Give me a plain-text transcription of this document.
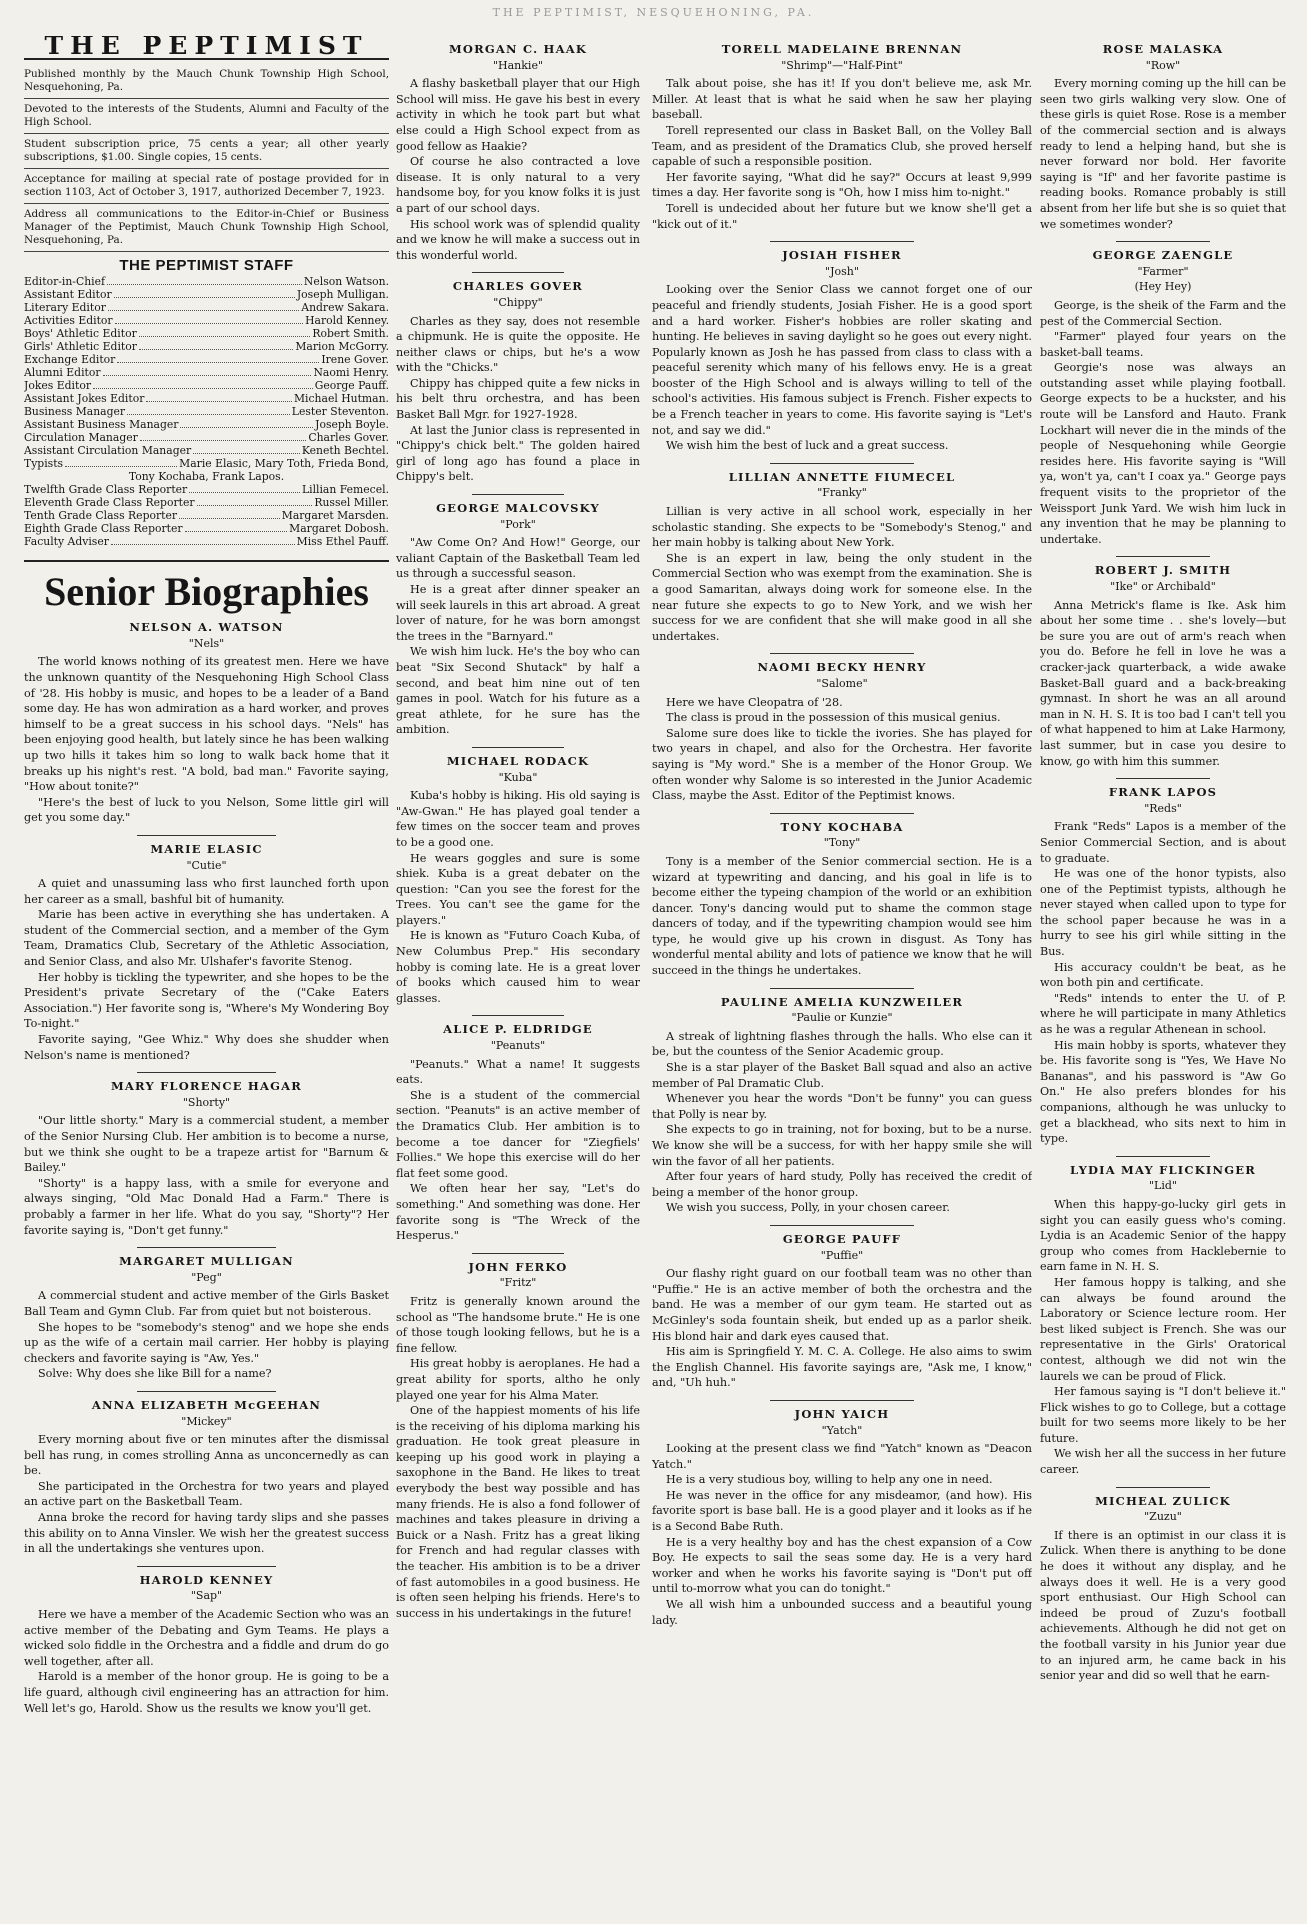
THE PEPTIMIST, NESQUEHONING, PA.
THE PEPTIMIST

Published monthly by the Mauch Chunk Township High School, Nesquehoning, Pa.

Devoted to the interests of the Students, Alumni and Faculty of the High School.

Student subscription price, 75 cents a year; all other yearly subscriptions, $1.00. Single copies, 15 cents.

Acceptance for mailing at special rate of postage provided for in section 1103, Act of October 3, 1917, authorized December 7, 1923.

Address all communications to the Editor-in-Chief or Business Manager of the Peptimist, Mauch Chunk Township High School, Nesquehoning, Pa.

THE PEPTIMIST STAFF
Editor-in-Chief	Nelson Watson.
Assistant Editor	Joseph Mulligan.
Literary Editor	Andrew Sakara.
Activities Editor	Harold Kenney.
Boys' Athletic Editor	Robert Smith.
Girls' Athletic Editor	Marion McGorry.
Exchange Editor	Irene Gover.
Alumni Editor	Naomi Henry.
Jokes Editor	George Pauff.
Assistant Jokes Editor	Michael Hutman.
Business Manager	Lester Steventon.
Assistant Business Manager	Joseph Boyle.
Circulation Manager	Charles Gover.
Assistant Circulation Manager	Keneth Bechtel.
Typists	Marie Elasic, Mary Toth, Frieda Bond,
Tony Kochaba, Frank Lapos.
Twelfth Grade Class Reporter	Lillian Femecel.
Eleventh Grade Class Reporter	Russel Miller.
Tenth Grade Class Reporter	Margaret Marsden.
Eighth Grade Class Reporter	Margaret Dobosh.
Faculty Adviser	Miss Ethel Pauff.
Senior Biographies
NELSON A. WATSON
"Nels"

The world knows nothing of its greatest men. Here we have the unknown quantity of the Nesquehoning High School Class of '28. His hobby is music, and hopes to be a leader of a Band some day. He has won admiration as a hard worker, and proves himself to be a great success in his school days. "Nels" has been enjoying good health, but lately since he has been walking up two hills it takes him so long to walk back home that it breaks up his night's rest. "A bold, bad man." Favorite saying, "How about tonite?"

"Here's the best of luck to you Nelson, Some little girl will get you some day."

MARIE ELASIC
"Cutie"

A quiet and unassuming lass who first launched forth upon her career as a small, bashful bit of humanity.

Marie has been active in everything she has undertaken. A student of the Commercial section, and a member of the Gym Team, Dramatics Club, Secretary of the Athletic Association, and Senior Class, and also Mr. Ulshafer's favorite Stenog.

Her hobby is tickling the typewriter, and she hopes to be the President's private Secretary of the ("Cake Eaters Association.") Her favorite song is, "Where's My Wondering Boy To-night."

Favorite saying, "Gee Whiz." Why does she shudder when Nelson's name is mentioned?

MARY FLORENCE HAGAR
"Shorty"

"Our little shorty." Mary is a commercial student, a member of the Senior Nursing Club. Her ambition is to become a nurse, but we think she ought to be a trapeze artist for "Barnum & Bailey."

"Shorty" is a happy lass, with a smile for everyone and always singing, "Old Mac Donald Had a Farm." There is probably a farmer in her life. What do you say, "Shorty"? Her favorite saying is, "Don't get funny."

MARGARET MULLIGAN
"Peg"

A commercial student and active member of the Girls Basket Ball Team and Gymn Club. Far from quiet but not boisterous.

She hopes to be "somebody's stenog" and we hope she ends up as the wife of a certain mail carrier. Her hobby is playing checkers and favorite saying is "Aw, Yes."

Solve: Why does she like Bill for a name?

ANNA ELIZABETH McGEEHAN
"Mickey"

Every morning about five or ten minutes after the dismissal bell has rung, in comes strolling Anna as unconcernedly as can be.

She participated in the Orchestra for two years and played an active part on the Basketball Team.

Anna broke the record for having tardy slips and she passes this ability on to Anna Vinsler. We wish her the greatest success in all the undertakings she ventures upon.

HAROLD KENNEY
"Sap"

Here we have a member of the Academic Section who was an active member of the Debating and Gym Teams. He plays a wicked solo fiddle in the Orchestra and a fiddle and drum do go well together, after all.

Harold is a member of the honor group. He is going to be a life guard, although civil engineering has an attraction for him. Well let's go, Harold. Show us the results we know you'll get.

MORGAN C. HAAK
"Hankie"

A flashy basketball player that our High School will miss. He gave his best in every activity in which he took part but what else could a High School expect from as good fellow as Haakie?

Of course he also contracted a love disease. It is only natural to a very handsome boy, for you know folks it is just a part of our school days.

His school work was of splendid quality and we know he will make a success out in this wonderful world.

CHARLES GOVER
"Chippy"

Charles as they say, does not resemble a chipmunk. He is quite the opposite. He neither claws or chips, but he's a wow with the "Chicks."

Chippy has chipped quite a few nicks in his belt thru orchestra, and has been Basket Ball Mgr. for 1927-1928.

At last the Junior class is represented in "Chippy's chick belt." The golden haired girl of long ago has found a place in Chippy's belt.

GEORGE MALCOVSKY
"Pork"

"Aw Come On? And How!" George, our valiant Captain of the Basketball Team led us through a successful season.

He is a great after dinner speaker an will seek laurels in this art abroad. A great lover of nature, for he was born amongst the trees in the "Barnyard."

We wish him luck. He's the boy who can beat "Six Second Shutack" by half a second, and beat him nine out of ten games in pool. Watch for his future as a great athlete, for he sure has the ambition.

MICHAEL RODACK
"Kuba"

Kuba's hobby is hiking. His old saying is "Aw-Gwan." He has played goal tender a few times on the soccer team and proves to be a good one.

He wears goggles and sure is some shiek. Kuba is a great debater on the question: "Can you see the forest for the Trees. You can't see the game for the players."

He is known as "Futuro Coach Kuba, of New Columbus Prep." His secondary hobby is coming late. He is a great lover of books which caused him to wear glasses.

ALICE P. ELDRIDGE
"Peanuts"

"Peanuts." What a name! It suggests eats.

She is a student of the commercial section. "Peanuts" is an active member of the Dramatics Club. Her ambition is to become a toe dancer for "Ziegfiels' Follies." We hope this exercise will do her flat feet some good.

We often hear her say, "Let's do something." And something was done. Her favorite song is "The Wreck of the Hesperus."

JOHN FERKO
"Fritz"

Fritz is generally known around the school as "The handsome brute." He is one of those tough looking fellows, but he is a fine fellow.

His great hobby is aeroplanes. He had a great ability for sports, altho he only played one year for his Alma Mater.

One of the happiest moments of his life is the receiving of his diploma marking his graduation. He took great pleasure in keeping up his good work in playing a saxophone in the Band. He likes to treat everybody the best way possible and has many friends. He is also a fond follower of machines and takes pleasure in driving a Buick or a Nash. Fritz has a great liking for French and had regular classes with the teacher. His ambition is to be a driver of fast automobiles in a good business. He is often seen helping his friends. Here's to success in his undertakings in the future!

TORELL MADELAINE BRENNAN
"Shrimp"—"Half-Pint"

Talk about poise, she has it! If you don't believe me, ask Mr. Miller. At least that is what he said when he saw her playing baseball.

Torell represented our class in Basket Ball, on the Volley Ball Team, and as president of the Dramatics Club, she proved herself capable of such a responsible position.

Her favorite saying, "What did he say?" Occurs at least 9,999 times a day. Her favorite song is "Oh, how I miss him to-night."

Torell is undecided about her future but we know she'll get a "kick out of it."

JOSIAH FISHER
"Josh"

Looking over the Senior Class we cannot forget one of our peaceful and friendly students, Josiah Fisher. He is a good sport and a hard worker. Fisher's hobbies are roller skating and hunting. He believes in saving daylight so he goes out every night. Popularly known as Josh he has passed from class to class with a peaceful serenity which many of his fellows envy. He is a great booster of the High School and is always willing to tell of the school's activities. His famous subject is French. Fisher expects to be a French teacher in years to come. His favorite saying is "Let's not, and say we did."

We wish him the best of luck and a great success.

LILLIAN ANNETTE FIUMECEL
"Franky"

Lillian is very active in all school work, especially in her scholastic standing. She expects to be "Somebody's Stenog," and her main hobby is talking about New York.

She is an expert in law, being the only student in the Commercial Section who was exempt from the examination. She is a good Samaritan, always doing work for someone else. In the near future she expects to go to New York, and we wish her success for we are confident that she will make good in all she undertakes.

NAOMI BECKY HENRY
"Salome"

Here we have Cleopatra of '28.

The class is proud in the possession of this musical genius.

Salome sure does like to tickle the ivories. She has played for two years in chapel, and also for the Orchestra. Her favorite saying is "My word." She is a member of the Honor Group. We often wonder why Salome is so interested in the Junior Academic Class, maybe the Asst. Editor of the Peptimist knows.

TONY KOCHABA
"Tony"

Tony is a member of the Senior commercial section. He is a wizard at typewriting and dancing, and his goal in life is to become either the typeing champion of the world or an exhibition dancer. Tony's dancing would put to shame the common stage dancers of today, and if the typewriting champion would see him type, he would give up his crown in disgust. As Tony has wonderful mental ability and lots of patience we know that he will succeed in the things he undertakes.

PAULINE AMELIA KUNZWEILER
"Paulie or Kunzie"

A streak of lightning flashes through the halls. Who else can it be, but the countess of the Senior Academic group.

She is a star player of the Basket Ball squad and also an active member of Pal Dramatic Club.

Whenever you hear the words "Don't be funny" you can guess that Polly is near by.

She expects to go in training, not for boxing, but to be a nurse. We know she will be a success, for with her happy smile she will win the favor of all her patients.

After four years of hard study, Polly has received the credit of being a member of the honor group.

We wish you success, Polly, in your chosen career.

GEORGE PAUFF
"Puffie"

Our flashy right guard on our football team was no other than "Puffie." He is an active member of both the orchestra and the band. He was a member of our gym team. He started out as McGinley's soda fountain sheik, but ended up as a parlor sheik. His blond hair and dark eyes caused that.

His aim is Springfield Y. M. C. A. College. He also aims to swim the English Channel. His favorite sayings are, "Ask me, I know," and, "Uh huh."

JOHN YAICH
"Yatch"

Looking at the present class we find "Yatch" known as "Deacon Yatch."

He is a very studious boy, willing to help any one in need.

He was never in the office for any misdeamor, (and how). His favorite sport is base ball. He is a good player and it looks as if he is a Second Babe Ruth.

He is a very healthy boy and has the chest expansion of a Cow Boy. He expects to sail the seas some day. He is a very hard worker and when he works his favorite saying is "Don't put off until to-morrow what you can do tonight."

We all wish him a unbounded success and a beautiful young lady.

ROSE MALASKA
"Row"

Every morning coming up the hill can be seen two girls walking very slow. One of these girls is quiet Rose. Rose is a member of the commercial section and is always ready to lend a helping hand, but she is never forward nor bold. Her favorite saying is "If" and her favorite pastime is reading books. Romance probably is still absent from her life but she is so quiet that we sometimes wonder?

GEORGE ZAENGLE
"Farmer"
(Hey Hey)

George, is the sheik of the Farm and the pest of the Commercial Section.

"Farmer" played four years on the basket-ball teams.

Georgie's nose was always an outstanding asset while playing football. George expects to be a huckster, and his route will be Lansford and Hauto. Frank Lockhart will never die in the minds of the people of Nesquehoning while Georgie resides here. His favorite saying is "Will ya, won't ya, can't I coax ya." George pays frequent visits to the proprietor of the Weissport Junk Yard. We wish him luck in any invention that he may be planning to undertake.

ROBERT J. SMITH
"Ike" or Archibald"

Anna Metrick's flame is Ike. Ask him about her some time . . she's lovely—but be sure you are out of arm's reach when you do. Before he fell in love he was a cracker-jack quarterback, a wide awake Basket-Ball guard and a back-breaking gymnast. In short he was an all around man in N. H. S. It is too bad I can't tell you of what happened to him at Lake Harmony, last summer, but in case you desire to know, go with him this summer.

FRANK LAPOS
"Reds"

Frank "Reds" Lapos is a member of the Senior Commercial Section, and is about to graduate.

He was one of the honor typists, also one of the Peptimist typists, although he never stayed when called upon to type for the school paper because he was in a hurry to see his girl while sitting in the Bus.

His accuracy couldn't be beat, as he won both pin and certificate.

"Reds" intends to enter the U. of P. where he will participate in many Athletics as he was a regular Athenean in school.

His main hobby is sports, whatever they be. His favorite song is "Yes, We Have No Bananas", and his password is "Aw Go On." He also prefers blondes for his companions, although he was unlucky to get a blackhead, who sits next to him in type.

LYDIA MAY FLICKINGER
"Lid"

When this happy-go-lucky girl gets in sight you can easily guess who's coming. Lydia is an Academic Senior of the happy group who comes from Hacklebernie to earn fame in N. H. S.

Her famous hoppy is talking, and she can always be found around the Laboratory or Science lecture room. Her best liked subject is French. She was our representative in the Girls' Oratorical contest, although we did not win the laurels we can be proud of Flick.

Her famous saying is "I don't believe it." Flick wishes to go to College, but a cottage built for two seems more likely to be her future.

We wish her all the success in her future career.

MICHEAL ZULICK
"Zuzu"

If there is an optimist in our class it is Zulick. When there is anything to be done he does it without any display, and he always does it well. He is a very good sport enthusiast. Our High School can indeed be proud of Zuzu's football achievements. Although he did not get on the football varsity in his Junior year due to an injured arm, he came back in his senior year and did so well that he earn-
